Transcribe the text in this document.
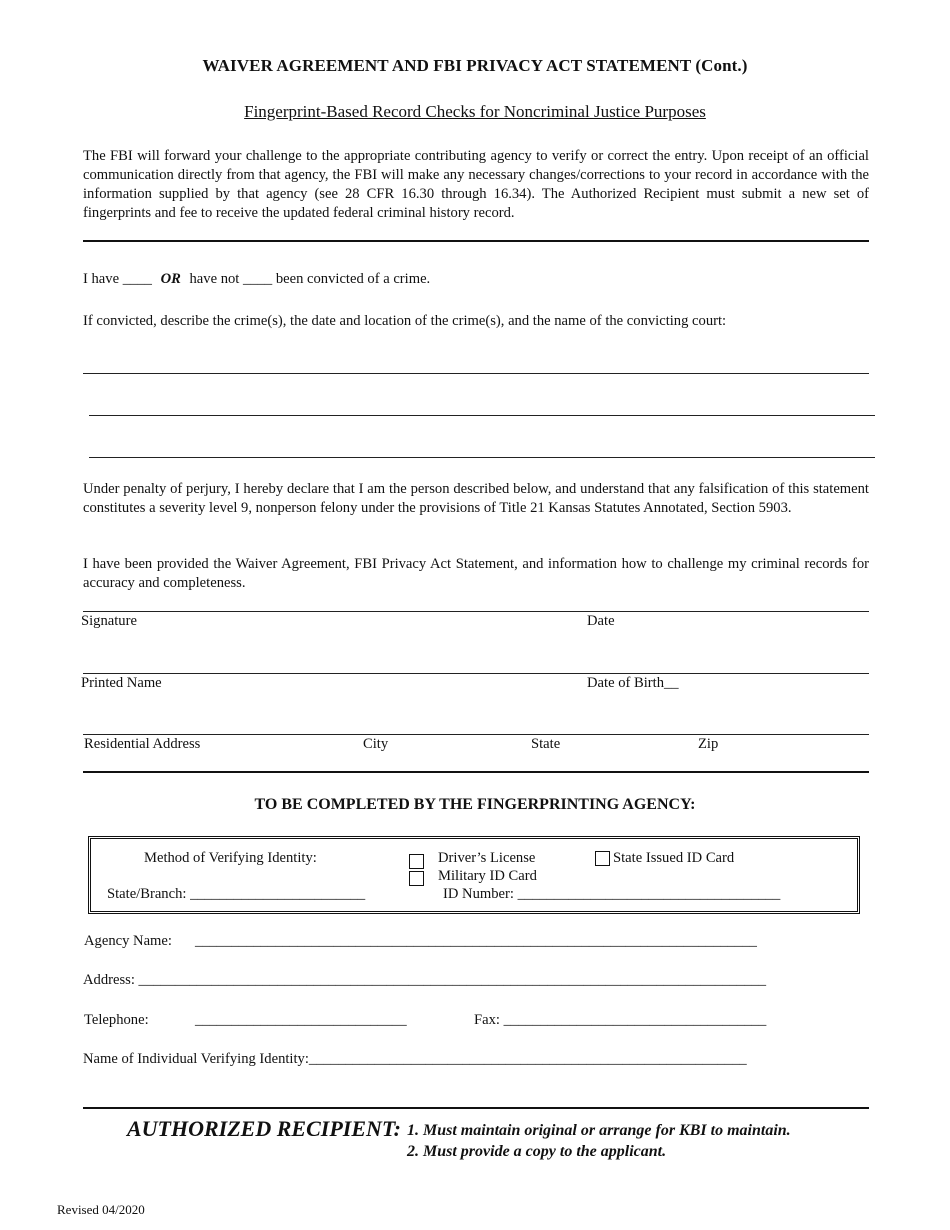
WAIVER AGREEMENT AND FBI PRIVACY ACT STATEMENT (Cont.)
Fingerprint-Based Record Checks for Noncriminal Justice Purposes
The FBI will forward your challenge to the appropriate contributing agency to verify or correct the entry. Upon receipt of an official communication directly from that agency, the FBI will make any necessary changes/corrections to your record in accordance with the information supplied by that agency (see 28 CFR 16.30 through 16.34). The Authorized Recipient must submit a new set of fingerprints and fee to receive the updated federal criminal history record.
I have ____ OR have not ____ been convicted of a crime.
If convicted, describe the crime(s), the date and location of the crime(s), and the name of the convicting court:
Under penalty of perjury, I hereby declare that I am the person described below, and understand that any falsification of this statement constitutes a severity level 9, nonperson felony under the provisions of Title 21 Kansas Statutes Annotated, Section 5903.
I have been provided the Waiver Agreement, FBI Privacy Act Statement, and information how to challenge my criminal records for accuracy and completeness.
Signature	Date
Printed Name	Date of Birth__
Residential Address	City	State	Zip
TO BE COMPLETED BY THE FINGERPRINTING AGENCY:
Method of Verifying Identity:
State/Branch: ________________________
Driver’s License	State Issued ID Card
Military ID Card
ID Number: ____________________________________
Agency Name: _____________________________________________________________________________
Address: ______________________________________________________________________________________
Telephone:	_____________________________	Fax: ____________________________________
Name of Individual Verifying Identity:____________________________________________________________
AUTHORIZED RECIPIENT: 1. Must maintain original or arrange for KBI to maintain.
2. Must provide a copy to the applicant.
Revised 04/2020
